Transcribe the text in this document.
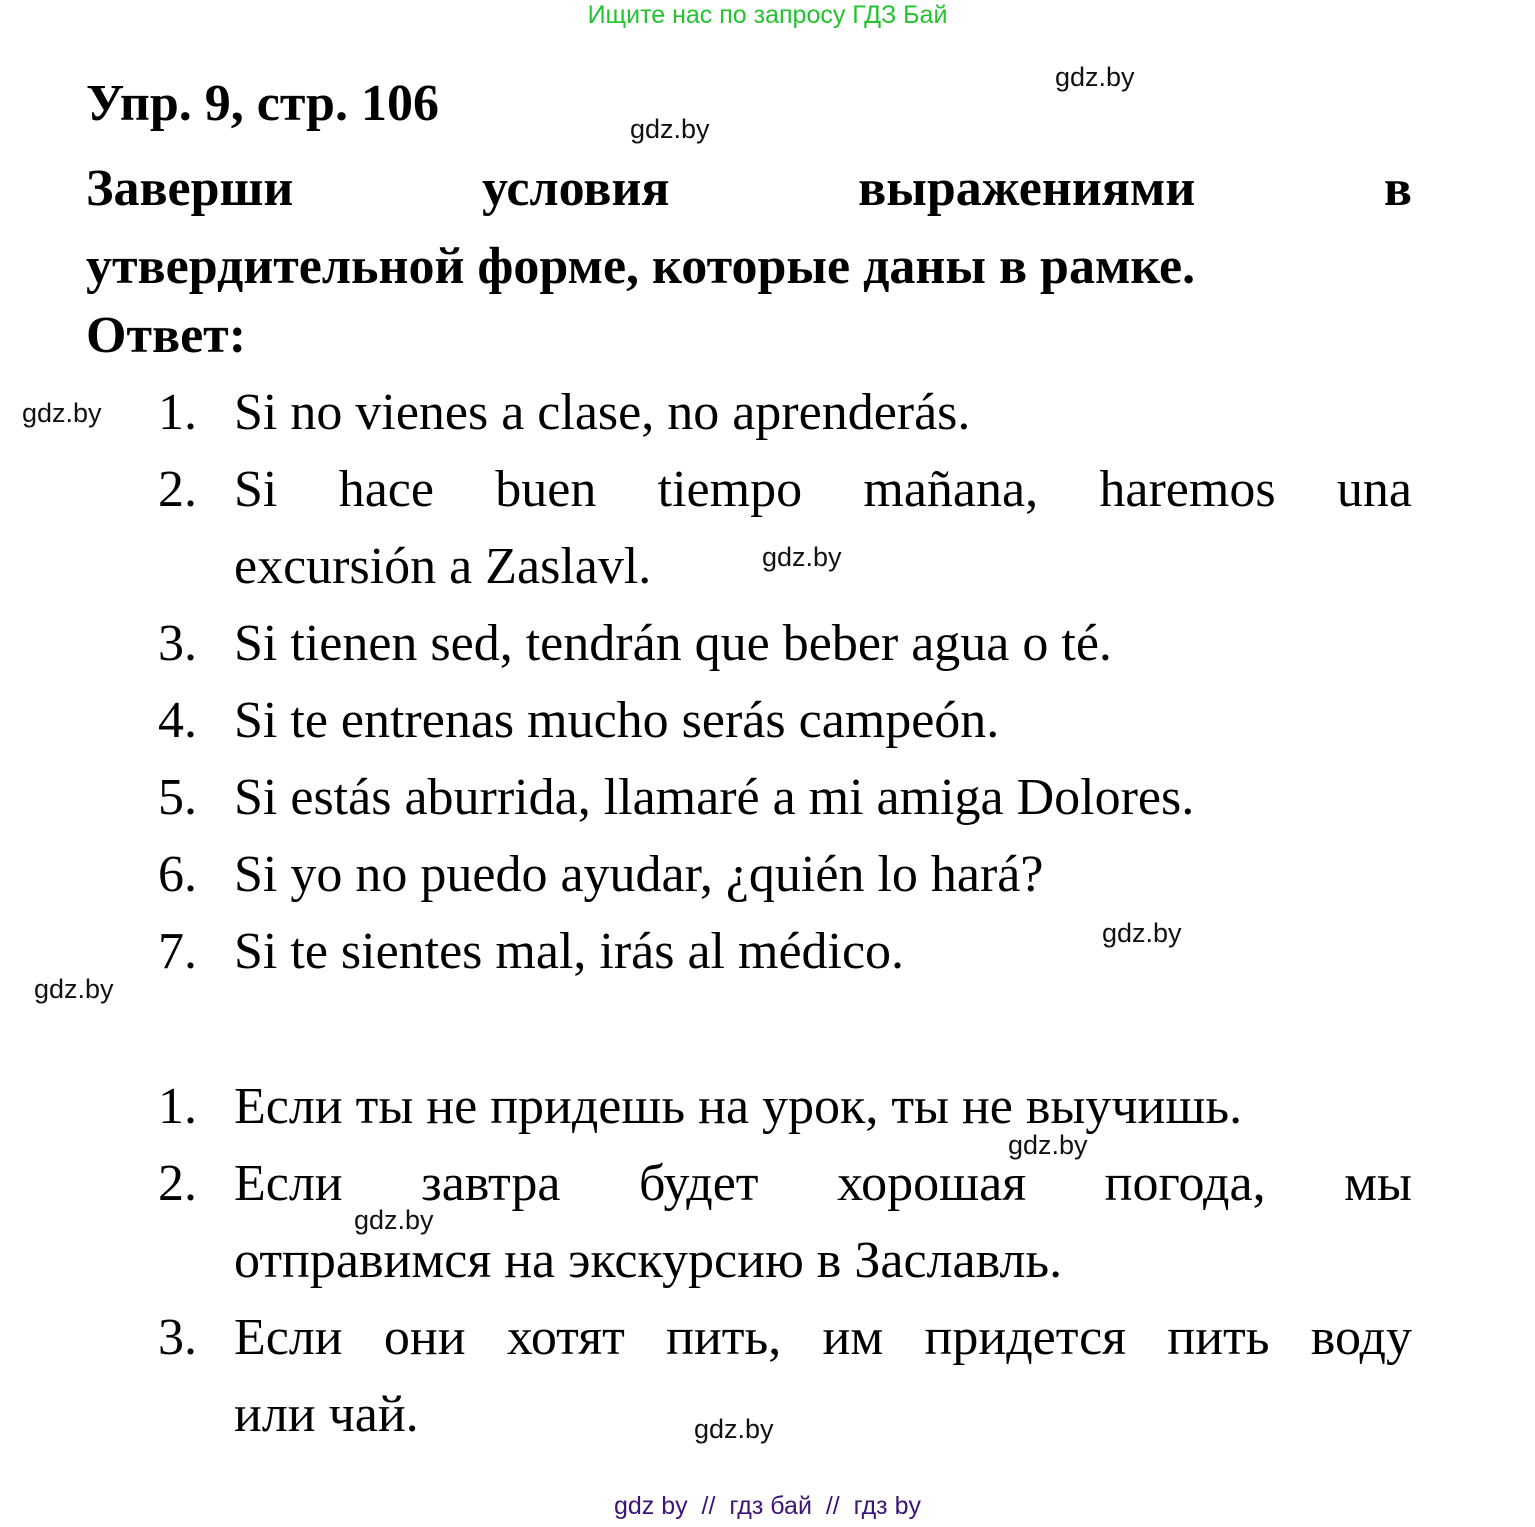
Ищите нас по запросу ГДЗ Бай
gdz.by
gdz.by
gdz.by
gdz.by
gdz.by
gdz.by
gdz.by
gdz.by
gdz.by
Упр. 9, стр. 106
Заверши	условия	выражениями	в
утвердительной форме, которые даны в рамке.
Ответ:
1. Si no vienes a clase, no aprenderás.
2. Si hace buen tiempo mañana, haremos una
excursión a Zaslavl.
3. Si tienen sed, tendrán que beber agua o té.
4. Si te entrenas mucho serás campeón.
5. Si estás aburrida, llamaré a mi amiga Dolores.
6. Si yo no puedo ayudar, ¿quién lo hará?
7. Si te sientes mal, irás al médico.
1. Если ты не придешь на урок, ты не выучишь.
2. Если завтра будет хорошая погода, мы
отправимся на экскурсию в Заславль.
3. Если они хотят пить, им придется пить воду
или чай.
gdz by  //  гдз бай  //  гдз by
